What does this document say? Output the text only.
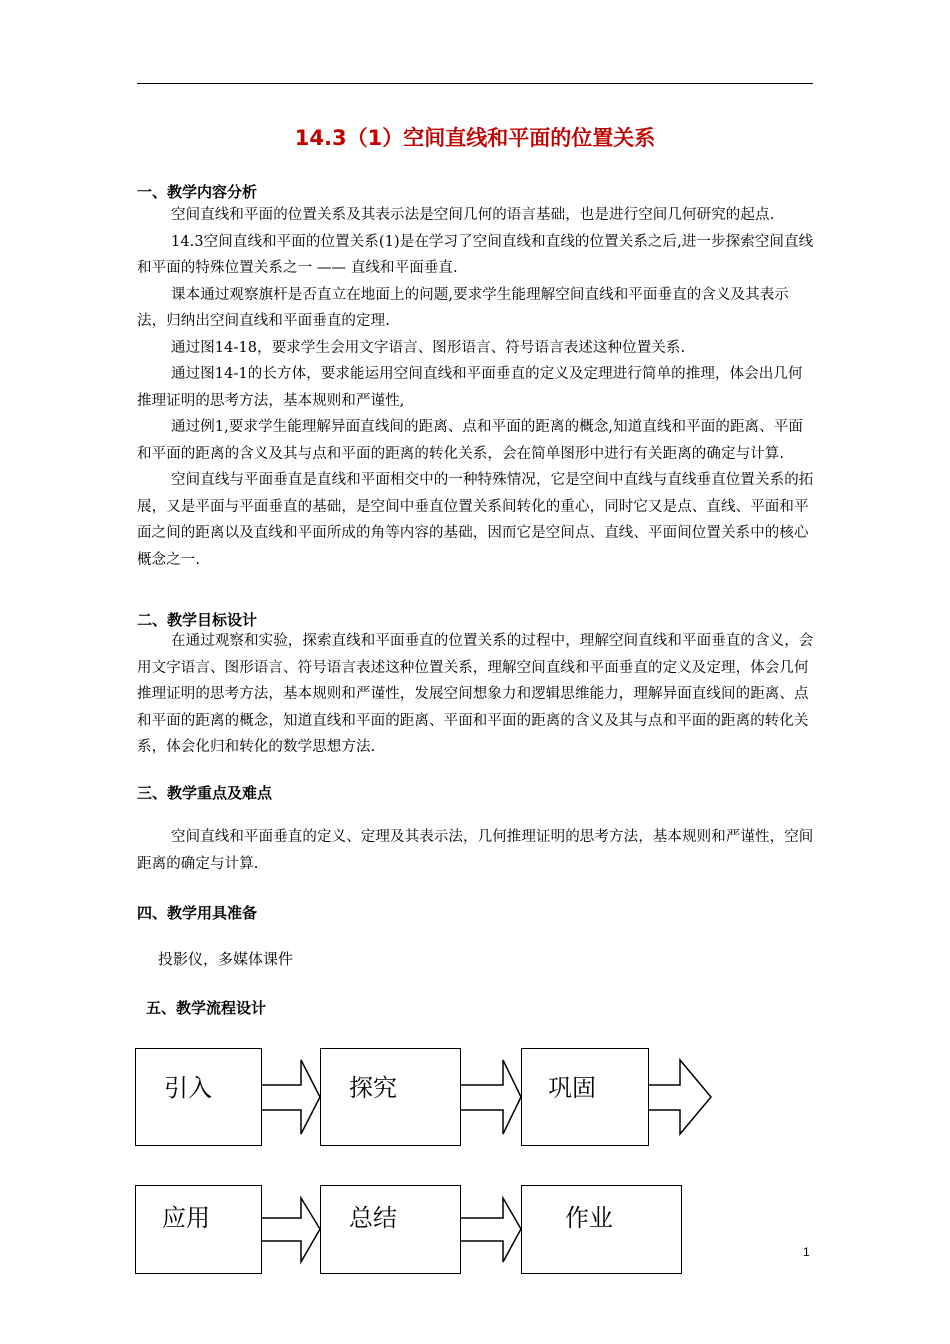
14.3（1）空间直线和平面的位置关系
一、教学内容分析
空间直线和平面的位置关系及其表示法是空间几何的语言基础，也是进行空间几何研究的起点.
14.3空间直线和平面的位置关系(1)是在学习了空间直线和直线的位置关系之后,进一步探索空间直线和平面的特殊位置关系之一 —— 直线和平面垂直.
课本通过观察旗杆是否直立在地面上的问题,要求学生能理解空间直线和平面垂直的含义及其表示法，归纳出空间直线和平面垂直的定理.
通过图14-18，要求学生会用文字语言、图形语言、符号语言表述这种位置关系.
通过图14-1的长方体，要求能运用空间直线和平面垂直的定义及定理进行简单的推理，体会出几何推理证明的思考方法，基本规则和严谨性,
通过例1,要求学生能理解异面直线间的距离、点和平面的距离的概念,知道直线和平面的距离、平面和平面的距离的含义及其与点和平面的距离的转化关系，会在简单图形中进行有关距离的确定与计算.
空间直线与平面垂直是直线和平面相交中的一种特殊情况，它是空间中直线与直线垂直位置关系的拓展，又是平面与平面垂直的基础，是空间中垂直位置关系间转化的重心，同时它又是点、直线、平面和平面之间的距离以及直线和平面所成的角等内容的基础，因而它是空间点、直线、平面间位置关系中的核心概念之一.
二、教学目标设计
在通过观察和实验，探索直线和平面垂直的位置关系的过程中，理解空间直线和平面垂直的含义，会用文字语言、图形语言、符号语言表述这种位置关系，理解空间直线和平面垂直的定义及定理，体会几何推理证明的思考方法，基本规则和严谨性，发展空间想象力和逻辑思维能力，理解异面直线间的距离、点和平面的距离的概念，知道直线和平面的距离、平面和平面的距离的含义及其与点和平面的距离的转化关系，体会化归和转化的数学思想方法.
三、教学重点及难点
空间直线和平面垂直的定义、定理及其表示法，几何推理证明的思考方法，基本规则和严谨性，空间距离的确定与计算.
四、教学用具准备
投影仪，多媒体课件
五、教学流程设计
引入	探究	巩固
应用	总结	作业
1
